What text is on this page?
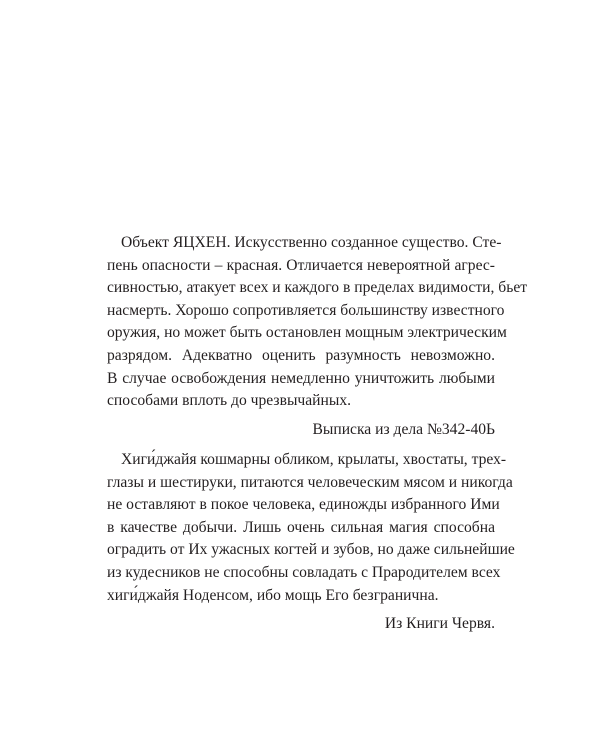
Объект ЯЦХЕН. Искусственно созданное существо. Сте-
пень опасности – красная. Отличается невероятной агрес-
сивностью, атакует всех и каждого в пределах видимости, бьет
насмерть. Хорошо сопротивляется большинству известного
оружия, но может быть остановлен мощным электрическим
разрядом. Адекватно оценить разумность невозможно.
В случае освобождения немедленно уничтожить любыми
способами вплоть до чрезвычайных.
Выписка из дела №342-40Ь
Хиги́джайя кошмарны обликом, крылаты, хвостаты, трех-
глазы и шестируки, питаются человеческим мясом и никогда
не оставляют в покое человека, единожды избранного Ими
в качестве добычи. Лишь очень сильная магия способна
оградить от Их ужасных когтей и зубов, но даже сильнейшие
из кудесников не способны совладать с Прародителем всех
хиги́джайя Ноденсом, ибо мощь Его безгранична.
Из Книги Червя.
